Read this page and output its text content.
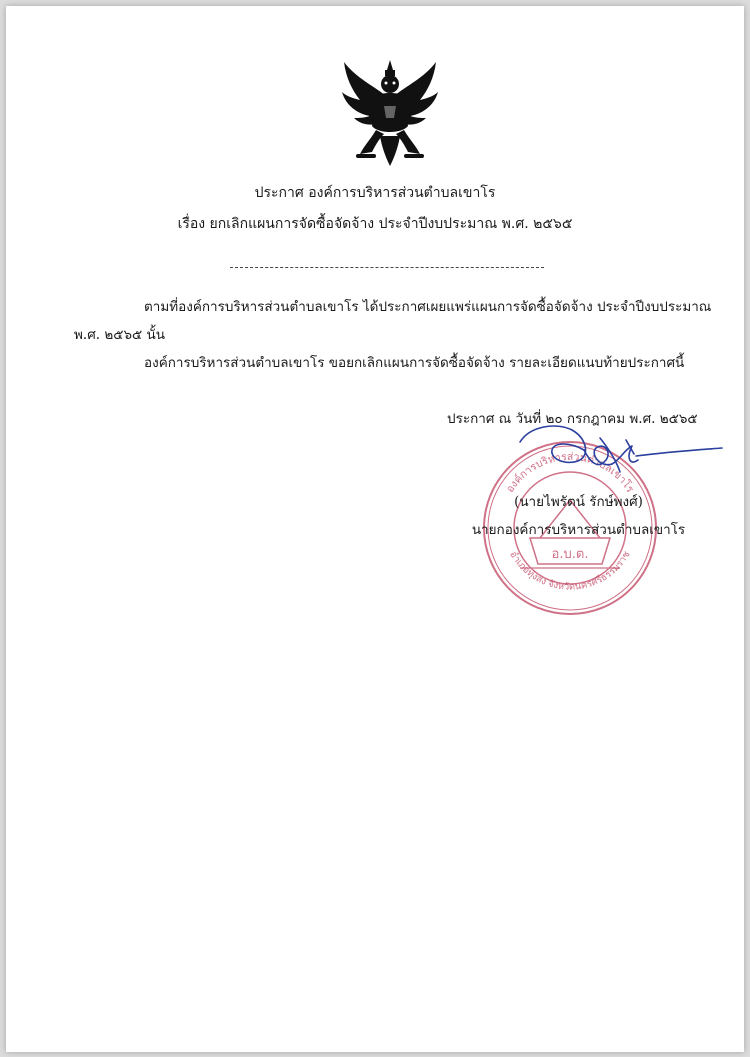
ประกาศ องค์การบริหารส่วนตำบลเขาโร
เรื่อง ยกเลิกแผนการจัดซื้อจัดจ้าง ประจำปีงบประมาณ พ.ศ. ๒๕๖๕
ตามที่องค์การบริหารส่วนตำบลเขาโร ได้ประกาศเผยแพร่แผนการจัดซื้อจัดจ้าง ประจำปีงบประมาณ
พ.ศ. ๒๕๖๕ นั้น
องค์การบริหารส่วนตำบลเขาโร ขอยกเลิกแผนการจัดซื้อจัดจ้าง รายละเอียดแนบท้ายประกาศนี้
ประกาศ ณ วันที่ ๒๐ กรกฎาคม พ.ศ. ๒๕๖๕
องค์การบริหารส่วนตำบลเขาโร
อำเภอทุ่งสง จังหวัดนครศรีธรรมราช
อ.บ.ต.
(นายไพรัตน์ รักษ์พงศ์)
นายกองค์การบริหารส่วนตำบลเขาโร
